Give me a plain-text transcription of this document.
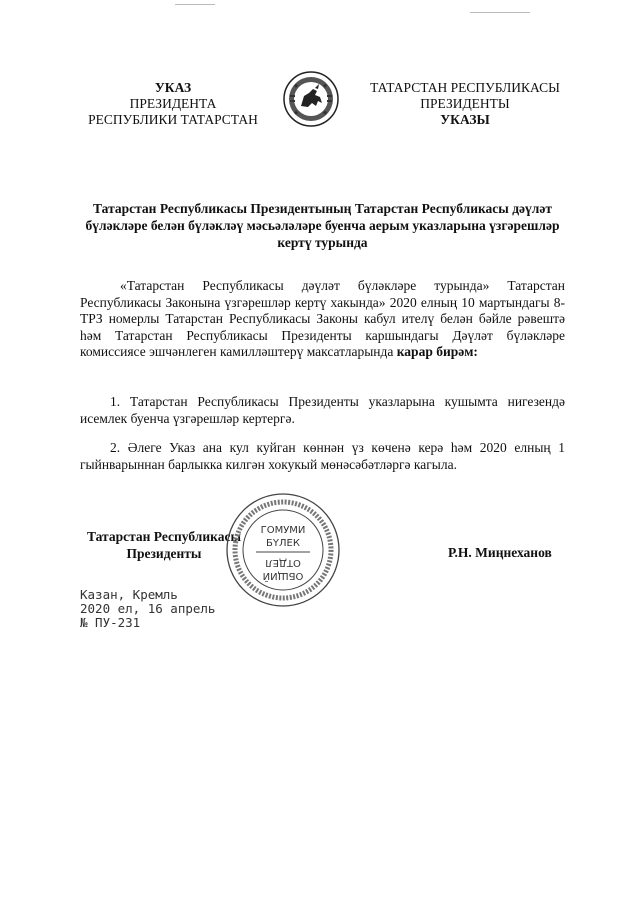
УКАЗ
ПРЕЗИДЕНТА
РЕСПУБЛИКИ ТАТАРСТАН
ТАТАРСТАН РЕСПУБЛИКАСЫ
ПРЕЗИДЕНТЫ
УКАЗЫ
Татарстан Республикасы Президентының Татарстан Республикасы дәүләт бүләкләре белән бүләкләү мәсьәләләре буенча аерым указларына үзгәрешләр кертү турында
«Татарстан Республикасы дәүләт бүләкләре турында» Татарстан Республикасы Законына үзгәрешләр кертү хакында» 2020 елның 10 мартындагы 8-ТРЗ номерлы Татарстан Республикасы Законы кабул ителү белән бәйле рәвештә һәм Татарстан Республикасы Президенты каршындагы Дәүләт бүләкләре комиссиясе эшчәнлеген камилләштерү максатларында карар бирәм:
1. Татарстан Республикасы Президенты указларына кушымта нигезендә исемлек буенча үзгәрешләр кертергә.
2. Әлеге Указ ана кул куйган көннән үз көченә керә һәм 2020 елның 1 гыйнварыннан барлыкка килгән хокукый мөнәсәбәтләргә кагыла.
Татарстан Республикасы
Президенты	Р.Н. Миңнеханов
ГОМУМИ
БҮЛЕК
ОТДЕЛ
ОБЩИЙ
Казан, Кремль
2020 ел, 16 апрель
№ ПУ-231
